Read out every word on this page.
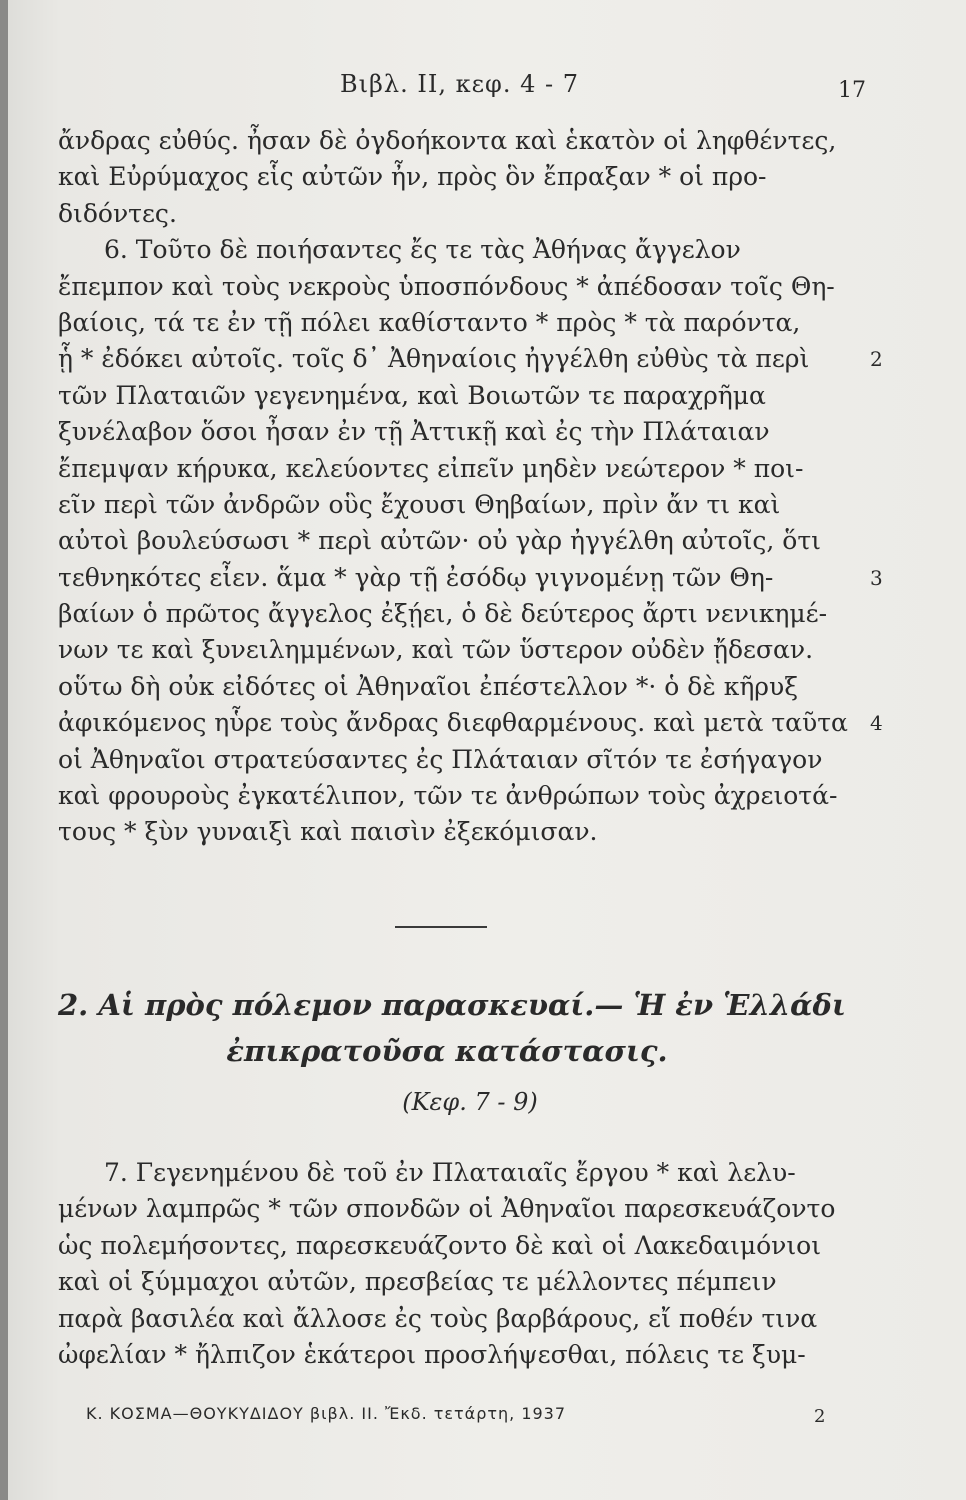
Βιβλ. ΙΙ, κεφ. 4 - 7	17
ἄνδρας εὐθύς. ἦσαν δὲ ὀγδοήκοντα καὶ ἑκατὸν οἱ ληφθέντες,
καὶ Εὐρύμαχος εἷς αὐτῶν ἦν, πρὸς ὃν ἔπραξαν * οἱ προ-
διδόντες.
6. Τοῦτο δὲ ποιήσαντες ἔς τε τὰς Ἀθήνας ἄγγελον
ἔπεμπον καὶ τοὺς νεκροὺς ὑποσπόνδους * ἀπέδοσαν τοῖς Θη-
βαίοις, τά τε ἐν τῇ πόλει καθίσταντο * πρὸς * τὰ παρόντα,
ᾗ * ἐδόκει αὐτοῖς. τοῖς δ᾽ Ἀθηναίοις ἠγγέλθη εὐθὺς τὰ περὶ	2
τῶν Πλαταιῶν γεγενημένα, καὶ Βοιωτῶν τε παραχρῆμα
ξυνέλαβον ὅσοι ἦσαν ἐν τῇ Ἀττικῇ καὶ ἐς τὴν Πλάταιαν
ἔπεμψαν κήρυκα, κελεύοντες εἰπεῖν μηδὲν νεώτερον * ποι-
εῖν περὶ τῶν ἀνδρῶν οὓς ἔχουσι Θηβαίων, πρὶν ἄν τι καὶ
αὐτοὶ βουλεύσωσι * περὶ αὐτῶν· οὐ γὰρ ἠγγέλθη αὐτοῖς, ὅτι
τεθνηκότες εἶεν. ἅμα * γὰρ τῇ ἐσόδῳ γιγνομένῃ τῶν Θη-	3
βαίων ὁ πρῶτος ἄγγελος ἐξῄει, ὁ δὲ δεύτερος ἄρτι νενικημέ-
νων τε καὶ ξυνειλημμένων, καὶ τῶν ὕστερον οὐδὲν ᾔδεσαν.
οὕτω δὴ οὐκ εἰδότες οἱ Ἀθηναῖοι ἐπέστελλον *· ὁ δὲ κῆρυξ
ἀφικόμενος ηὗρε τοὺς ἄνδρας διεφθαρμένους. καὶ μετὰ ταῦτα 4
οἱ Ἀθηναῖοι στρατεύσαντες ἐς Πλάταιαν σῖτόν τε ἐσήγαγον
καὶ φρουροὺς ἐγκατέλιπον, τῶν τε ἀνθρώπων τοὺς ἀχρειοτά-
τους * ξὺν γυναιξὶ καὶ παισὶν ἐξεκόμισαν.
2. Αἱ πρὸς πόλεμον παρασκευαί.— Ἡ ἐν Ἑλλάδι
ἐπικρατοῦσα κατάστασις.
(Κεφ. 7 - 9)
7. Γεγενημένου δὲ τοῦ ἐν Πλαταιαῖς ἔργου * καὶ λελυ-
μένων λαμπρῶς * τῶν σπονδῶν οἱ Ἀθηναῖοι παρεσκευάζοντο
ὡς πολεμήσοντες, παρεσκευάζοντο δὲ καὶ οἱ Λακεδαιμόνιοι
καὶ οἱ ξύμμαχοι αὐτῶν, πρεσβείας τε μέλλοντες πέμπειν
παρὰ βασιλέα καὶ ἄλλοσε ἐς τοὺς βαρβάρους, εἴ ποθέν τινα
ὠφελίαν * ἤλπιζον ἑκάτεροι προσλήψεσθαι, πόλεις τε ξυμ-
Κ. ΚΟΣΜΑ—ΘΟΥΚΥΔΙΔΟΥ βιβλ. ΙΙ. Ἔκδ. τετάρτη, 1937	2
